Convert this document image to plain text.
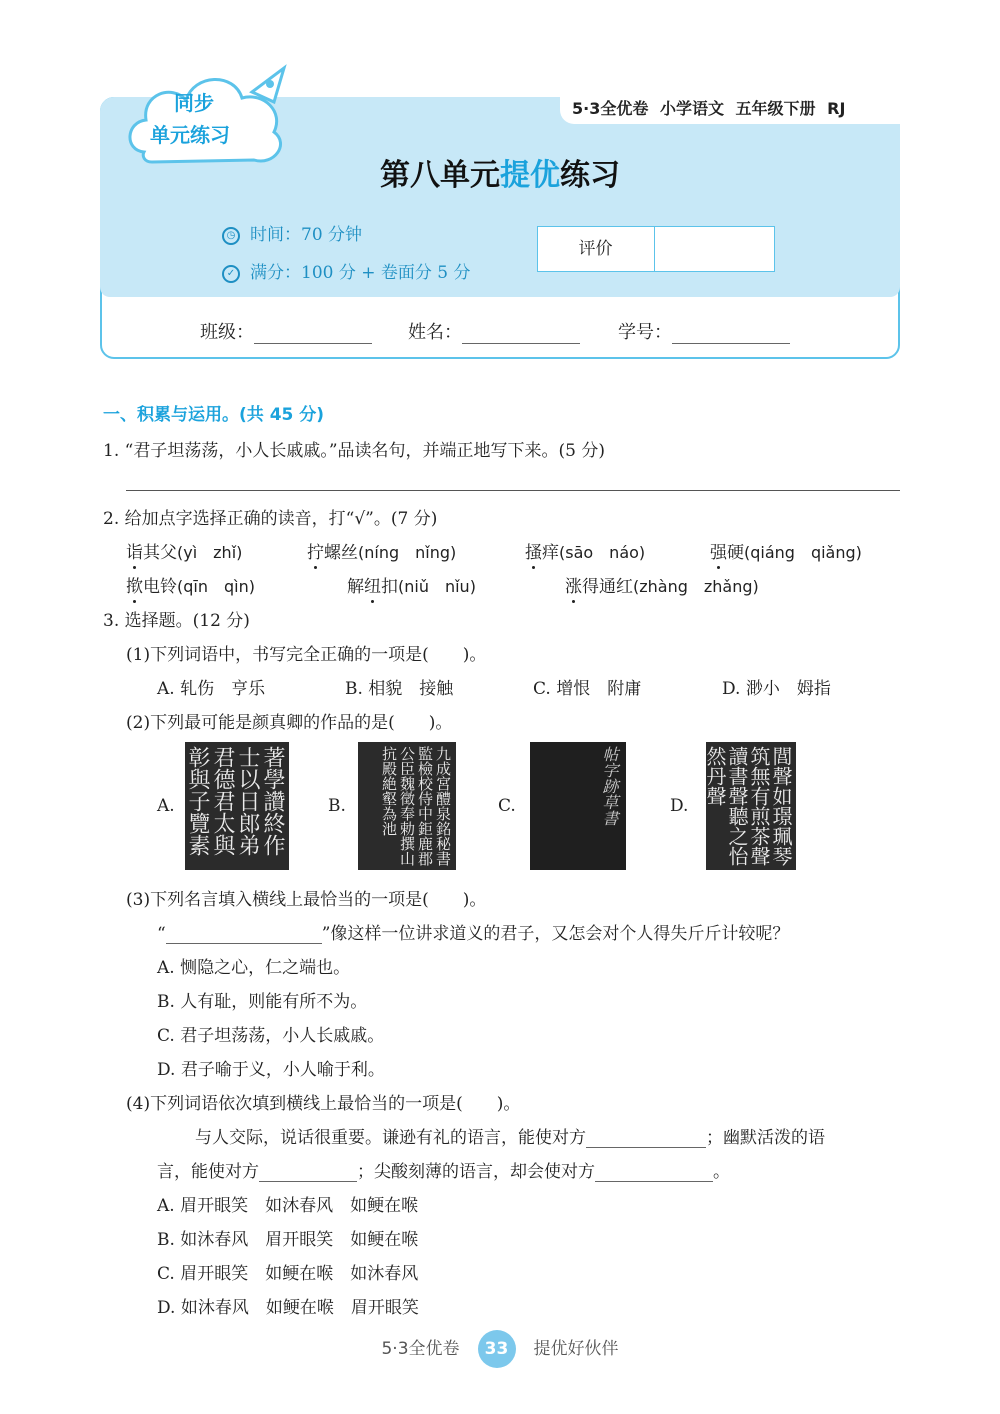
5·3全优卷 小学语文 五年级下册 RJ
同步
单元练习
第八单元提优练习
◷ 时间：70 分钟
✓ 满分：100 分 + 卷面分 5 分
评价
班级：	姓名：	学号：
一、积累与运用。(共 45 分)
1. “君子坦荡荡，小人长戚戚。”品读名句，并端正地写下来。(5 分)
2. 给加点字选择正确的读音，打“√”。(7 分)
诣其父(yì　zhǐ)	拧螺丝(níng　nǐng)	搔痒(sāo　náo)	强硬(qiáng　qiǎng)
揿电铃(qīn　qìn)	解纽扣(niǔ　nǐu)	涨得通红(zhàng　zhǎng)
3. 选择题。(12 分)
(1)下列词语中，书写完全正确的一项是(　　)。
A. 轧伤　亨乐	B. 相貌　接触	C. 增恨　附庸	D. 渺小　姆指
(2)下列最可能是颜真卿的作品的是(　　)。
A.	著學讚終作士以日郎弟君德君太與彰與子覽素	B.	九成宮醴泉銘秘書監檢校侍中鉅鹿郡公臣魏徵奉勅撰山抗殿絶壑為池	C.	帖字跡草書	D.	閭聲如璟珮琴筑無有煎茶聲讀書聲聽之怡然丹聲
(3)下列名言填入横线上最恰当的一项是(　　)。
“	”像这样一位讲求道义的君子，又怎会对个人得失斤斤计较呢？
A. 恻隐之心，仁之端也。
B. 人有耻，则能有所不为。
C. 君子坦荡荡，小人长戚戚。
D. 君子喻于义，小人喻于利。
(4)下列词语依次填到横线上最恰当的一项是(　　)。
与人交际，说话很重要。谦逊有礼的语言，能使对方	；幽默活泼的语
言，能使对方	；尖酸刻薄的语言，却会使对方	。
A. 眉开眼笑　如沐春风　如鲠在喉
B. 如沐春风　眉开眼笑　如鲠在喉
C. 眉开眼笑　如鲠在喉　如沐春风
D. 如沐春风　如鲠在喉　眉开眼笑
5·3全优卷 33 提优好伙伴
